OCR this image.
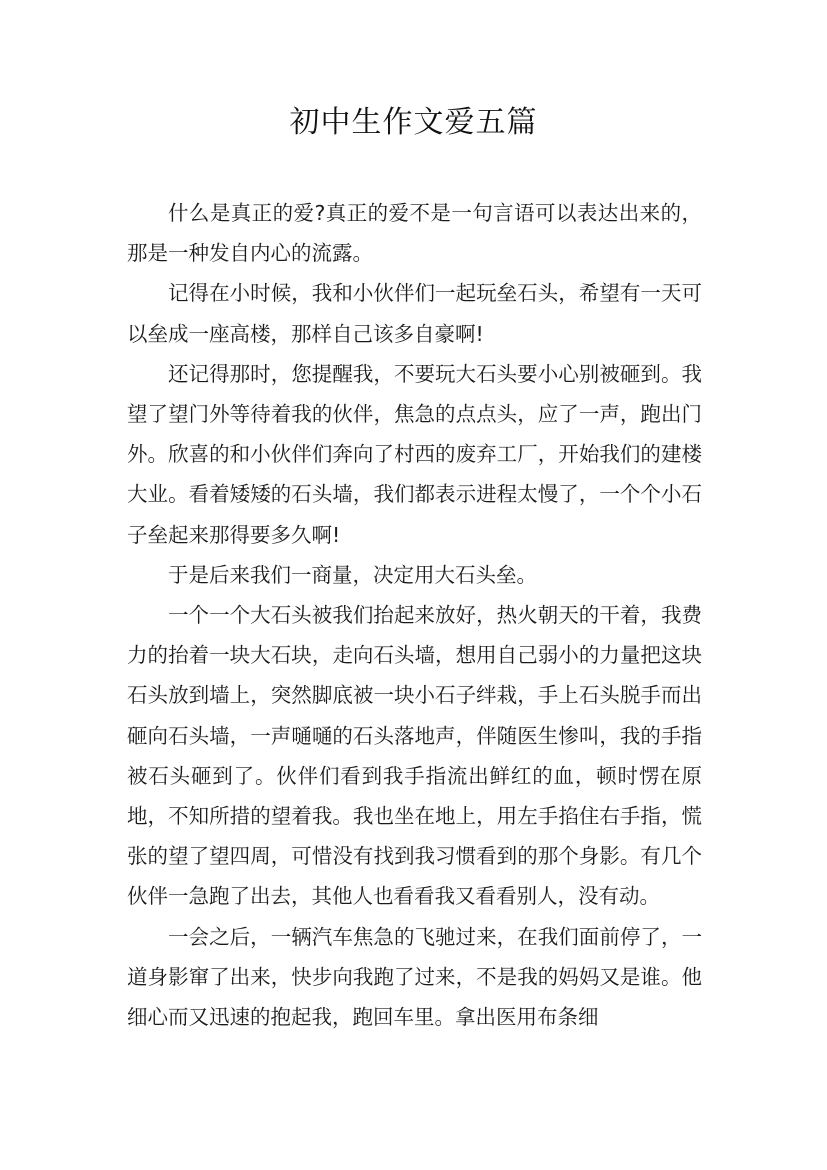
初中生作文爱五篇

什么是真正的爱?真正的爱不是一句言语可以表达出来的，那是一种发自内心的流露。

记得在小时候，我和小伙伴们一起玩垒石头，希望有一天可以垒成一座高楼，那样自己该多自豪啊!

还记得那时，您提醒我，不要玩大石头要小心别被砸到。我望了望门外等待着我的伙伴，焦急的点点头，应了一声，跑出门外。欣喜的和小伙伴们奔向了村西的废弃工厂，开始我们的建楼大业。看着矮矮的石头墙，我们都表示进程太慢了，一个个小石子垒起来那得要多久啊!

于是后来我们一商量，决定用大石头垒。

一个一个大石头被我们抬起来放好，热火朝天的干着，我费力的抬着一块大石块，走向石头墙，想用自己弱小的力量把这块石头放到墙上，突然脚底被一块小石子绊栽，手上石头脱手而出砸向石头墙，一声嗵嗵的石头落地声，伴随医生惨叫，我的手指被石头砸到了。伙伴们看到我手指流出鲜红的血，顿时愣在原地，不知所措的望着我。我也坐在地上，用左手掐住右手指，慌张的望了望四周，可惜没有找到我习惯看到的那个身影。有几个伙伴一急跑了出去，其他人也看看我又看看别人，没有动。

一会之后，一辆汽车焦急的飞驰过来，在我们面前停了，一道身影窜了出来，快步向我跑了过来，不是我的妈妈又是谁。他细心而又迅速的抱起我，跑回车里。拿出医用布条细
